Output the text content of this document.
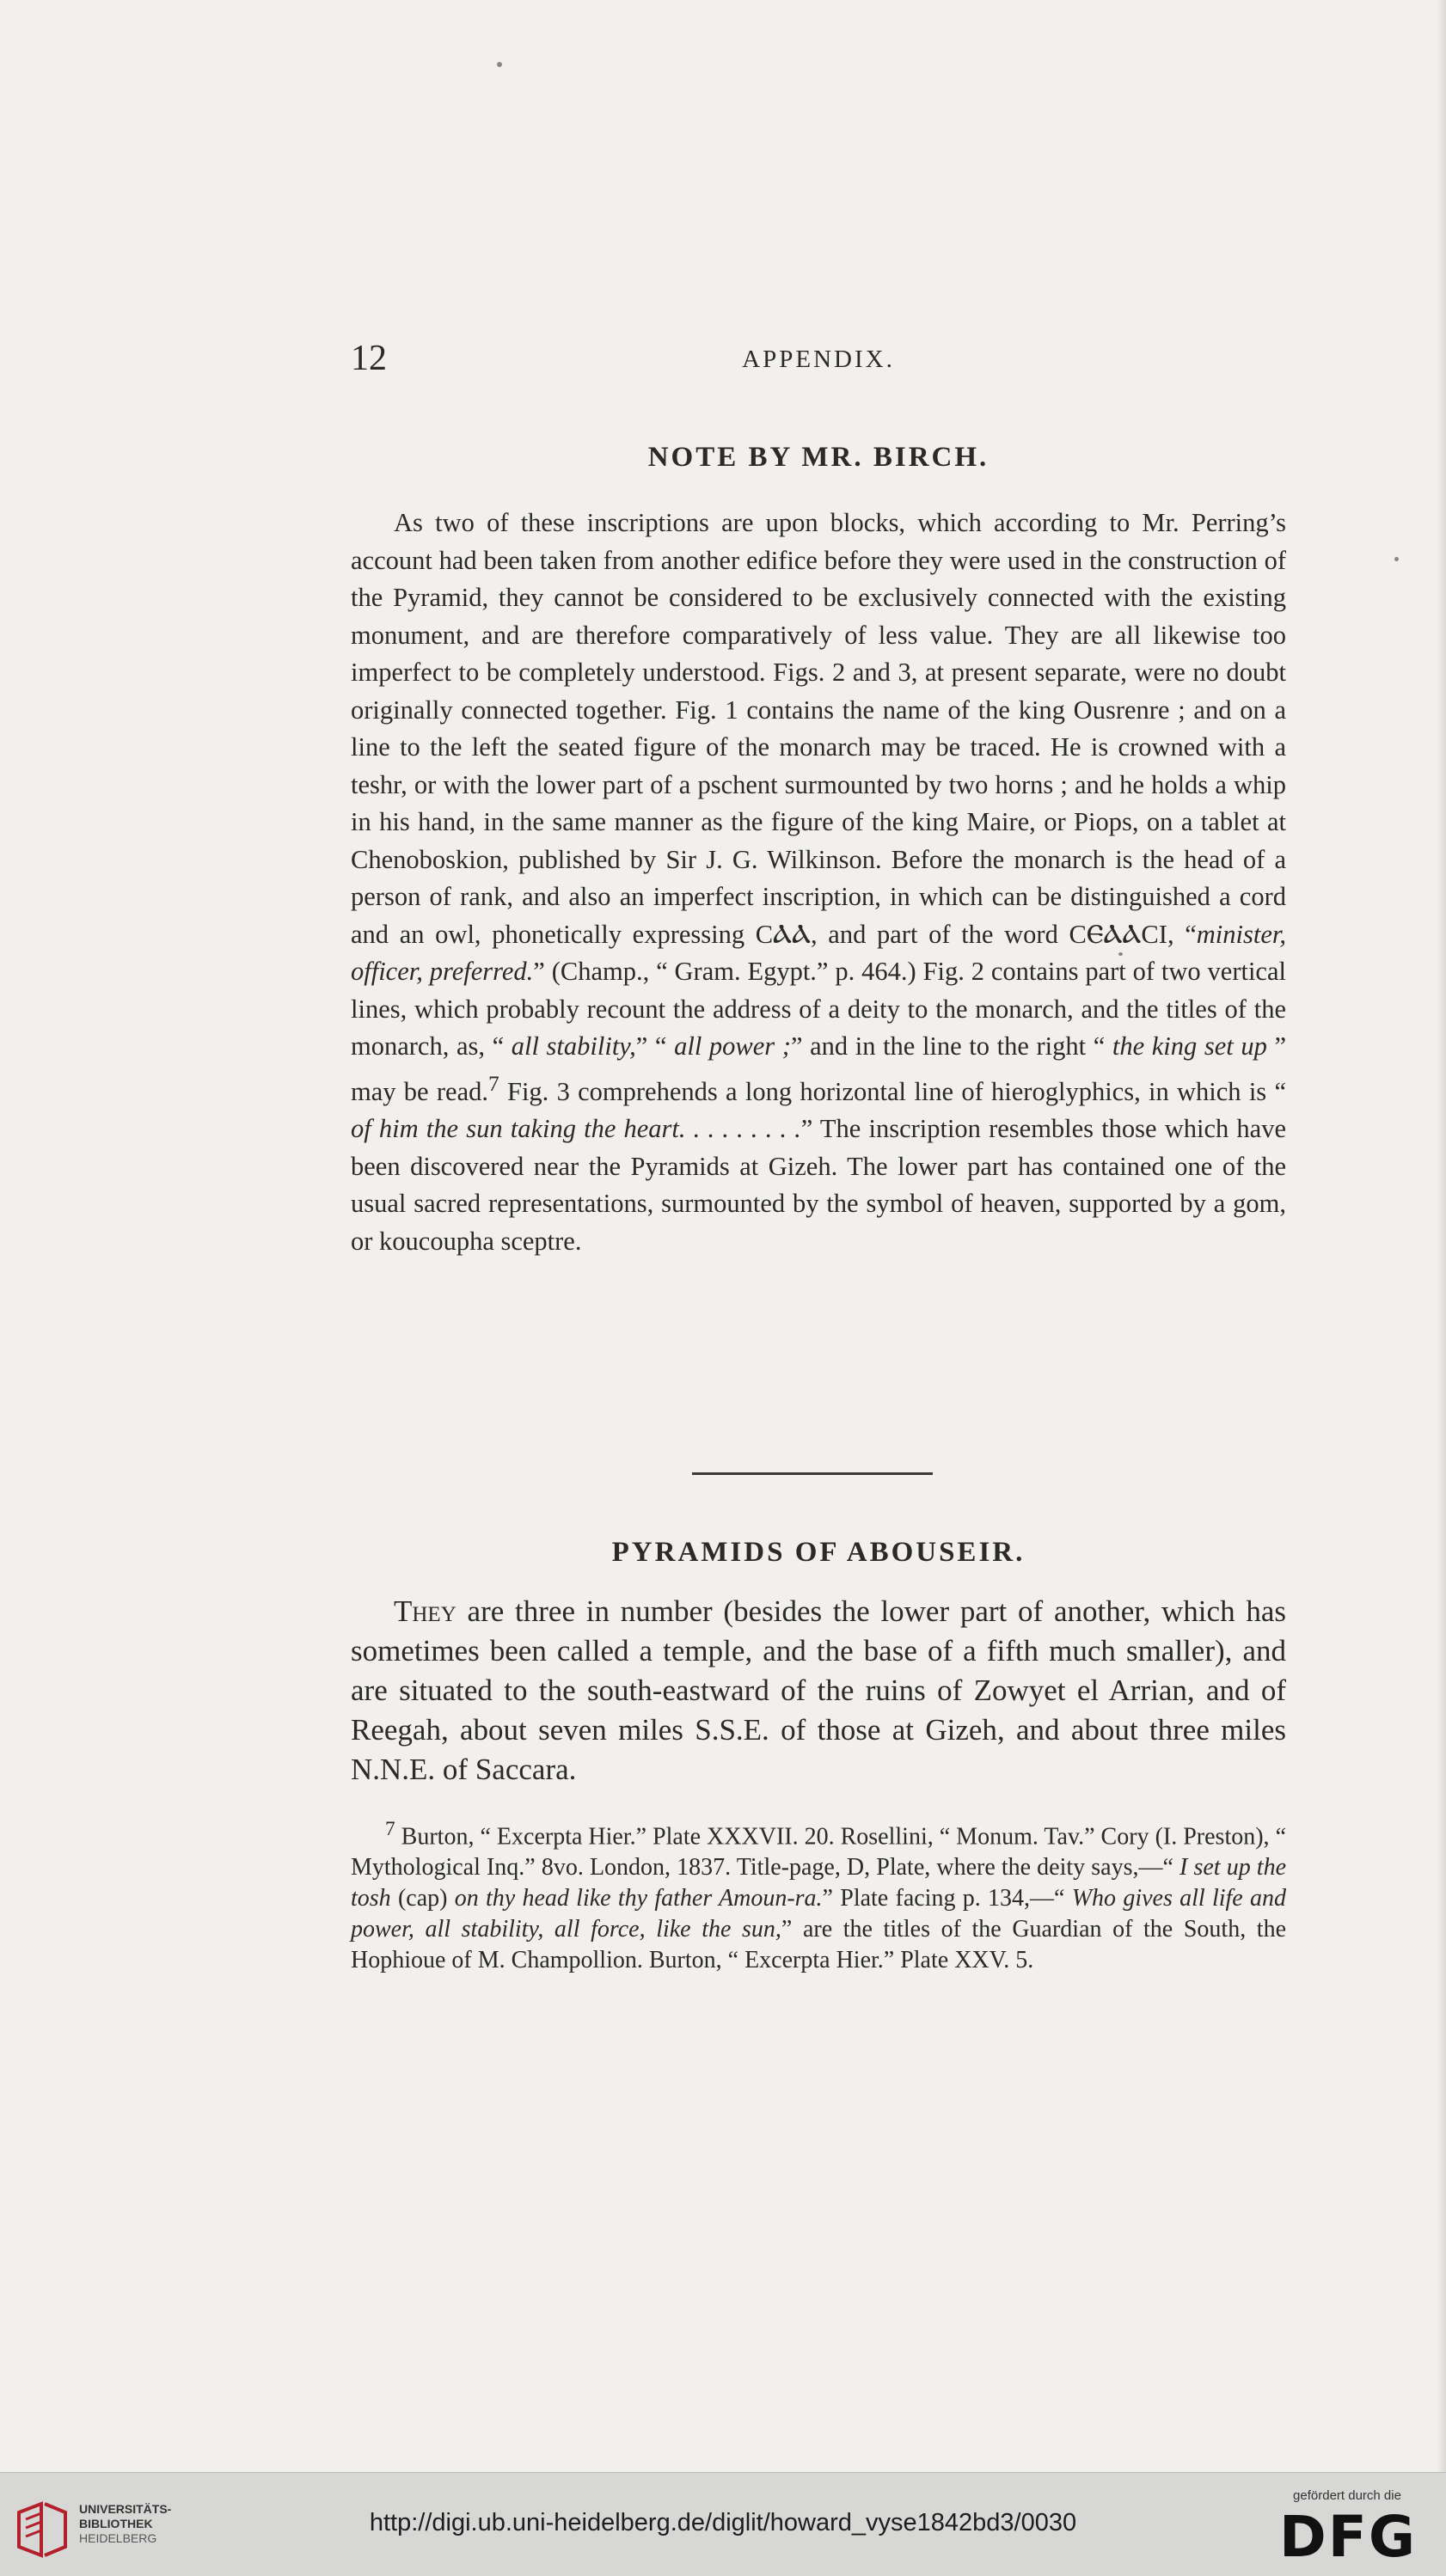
12	APPENDIX.
NOTE BY MR. BIRCH.

As two of these inscriptions are upon blocks, which according to Mr. Perring’s account had been taken from another edifice before they were used in the construction of the Pyramid, they cannot be considered to be exclusively connected with the existing monument, and are therefore comparatively of less value. They are all likewise too imperfect to be completely understood. Figs. 2 and 3, at present separate, were no doubt originally connected together. Fig. 1 contains the name of the king Ousrenre ; and on a line to the left the seated figure of the monarch may be traced. He is crowned with a teshr, or with the lower part of a pschent surmounted by two horns ; and he holds a whip in his hand, in the same manner as the figure of the king Maire, or Piops, on a tablet at Chenoboskion, published by Sir J. G. Wilkinson. Before the monarch is the head of a person of rank, and also an imperfect inscription, in which can be distinguished a cord and an owl, phonetically expressing CⲀⲀ, and part of the word CⲈⲀⲀCI, “minister, officer, preferred.” (Champ., “ Gram. Egypt.” p. 464.) Fig. 2 contains part of two vertical lines, which probably recount the address of a deity to the monarch, and the titles of the monarch, as, “ all stability,” “ all power ;” and in the line to the right “ the king set up ” may be read.$^7$ Fig. 3 comprehends a long horizontal line of hieroglyphics, in which is “ of him the sun taking the heart. . . . . . . . .” The inscription resembles those which have been discovered near the Pyramids at Gizeh. The lower part has contained one of the usual sacred representations, surmounted by the symbol of heaven, supported by a gom, or koucoupha sceptre.

PYRAMIDS OF ABOUSEIR.

They are three in number (besides the lower part of another, which has sometimes been called a temple, and the base of a fifth much smaller), and are situated to the south-eastward of the ruins of Zowyet el Arrian, and of Reegah, about seven miles S.S.E. of those at Gizeh, and about three miles N.N.E. of Saccara.

$^7$ Burton, “ Excerpta Hier.” Plate XXXVII. 20. Rosellini, “ Monum. Tav.” Cory (I. Preston), “ Mythological Inq.” 8vo. London, 1837. Title-page, D, Plate, where the deity says,—“ I set up the tosh (cap) on thy head like thy father Amoun-ra.” Plate facing p. 134,—“ Who gives all life and power, all stability, all force, like the sun,” are the titles of the Guardian of the South, the Hophioue of M. Champollion. Burton, “ Excerpta Hier.” Plate XXV. 5.

UNIVERSITÄTS-
BIBLIOTHEK
HEIDELBERG
http://digi.ub.uni-heidelberg.de/diglit/howard_vyse1842bd3/0030
gefördert durch die
DFG
